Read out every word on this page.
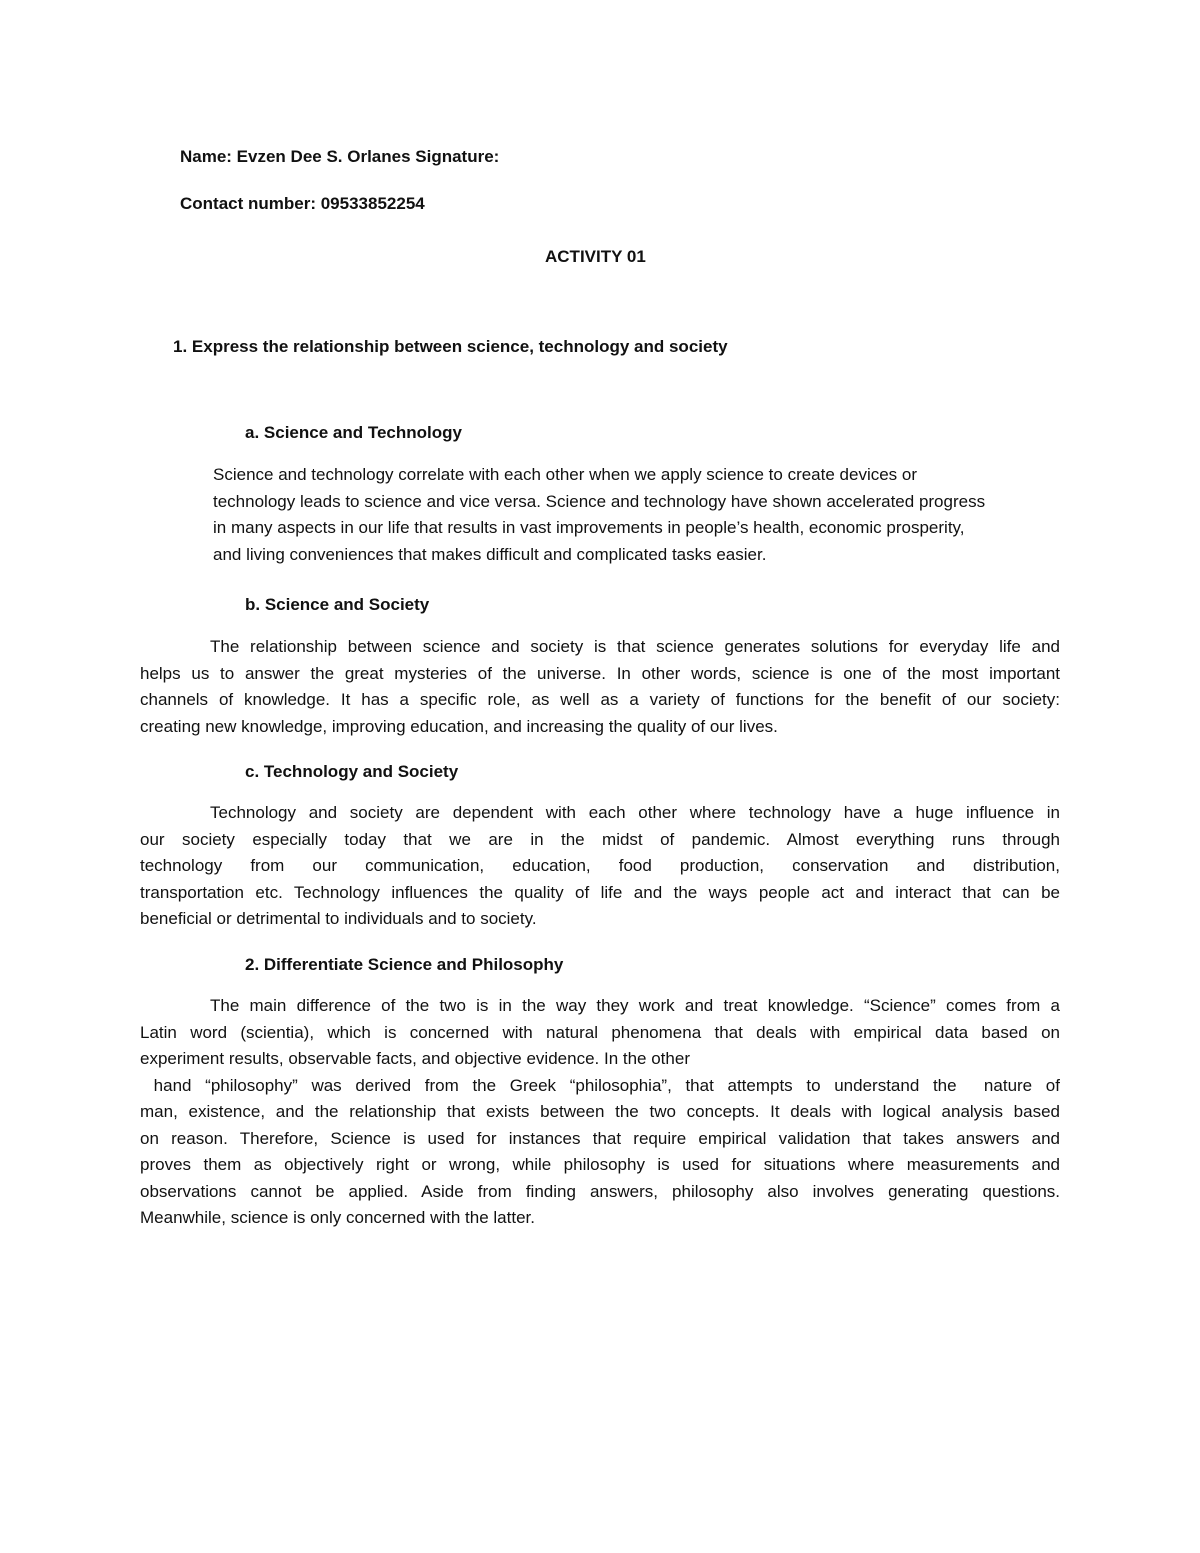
Name: Evzen Dee S. Orlanes Signature:

Contact number: 09533852254

ACTIVITY 01

1. Express the relationship between science, technology and society

a. Science and Technology

Science and technology correlate with each other when we apply science to create devices or
technology leads to science and vice versa. Science and technology have shown accelerated progress
in many aspects in our life that results in vast improvements in people’s health, economic prosperity,
and living conveniences that makes difficult and complicated tasks easier.

b. Science and Society

The relationship between science and society is that science generates solutions for everyday life and
helps us to answer the great mysteries of the universe. In other words, science is one of the most important
channels of knowledge. It has a specific role, as well as a variety of functions for the benefit of our society:
creating new knowledge, improving education, and increasing the quality of our lives.

c. Technology and Society

Technology and society are dependent with each other where technology have a huge influence in
our society especially today that we are in the midst of pandemic. Almost everything runs through
technology from our communication, education, food production, conservation and distribution,
transportation etc. Technology influences the quality of life and the ways people act and interact that can be
beneficial or detrimental to individuals and to society.

2. Differentiate Science and Philosophy

The main difference of the two is in the way they work and treat knowledge. “Science” comes from a
Latin word (scientia), which is concerned with natural phenomena that deals with empirical data based on
experiment results, observable facts, and objective evidence. In the other
hand “philosophy” was derived from the Greek “philosophia”, that attempts to understand the  nature of
man, existence, and the relationship that exists between the two concepts. It deals with logical analysis based
on reason. Therefore, Science is used for instances that require empirical validation that takes answers and
proves them as objectively right or wrong, while philosophy is used for situations where measurements and
observations cannot be applied. Aside from finding answers, philosophy also involves generating questions.
Meanwhile, science is only concerned with the latter.
